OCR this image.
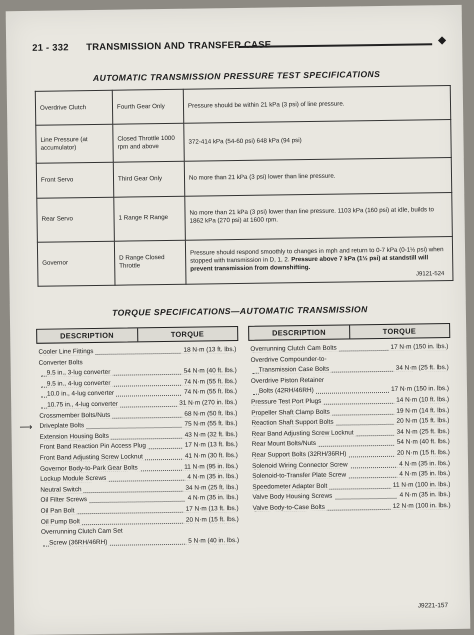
21 - 332 TRANSMISSION AND TRANSFER CASE	◆
AUTOMATIC TRANSMISSION PRESSURE TEST SPECIFICATIONS
Overdrive Clutch	Fourth Gear Only	Pressure should be within 21 kPa (3 psi) of line pressure.
Line Pressure (at accumulator)	Closed Throttle 1000 rpm and above	372-414 kPa (54-60 psi) 648 kPa (94 psi)
Front Servo	Third Gear Only	No more than 21 kPa (3 psi) lower than line pressure.
Rear Servo	1 Range R Range	No more than 21 kPa (3 psi) lower than line pressure. 1103 kPa (160 psi) at idle, builds to 1862 kPa (270 psi) at 1600 rpm.
Governor	D Range Closed Throttle	Pressure should respond smoothly to changes in mph and return to 0-7 kPa (0-1½ psi) when stopped with transmission in D, 1, 2. Pressure above 7 kPa (1½ psi) at standstill will prevent transmission from downshifting.
J9121-524
TORQUE SPECIFICATIONS—AUTOMATIC TRANSMISSION
DESCRIPTION	TORQUE
Cooler Line Fittings	18 N·m (13 ft. lbs.)
Converter Bolts
9.5 in., 3-lug converter	54 N·m (40 ft. lbs.)
9.5 in., 4-lug converter	74 N·m (55 ft. lbs.)
10.0 in., 4-lug converter	74 N·m (55 ft. lbs.)
10.75 in., 4-lug converter	31 N·m (270 in. lbs.)
Crossmember Bolts/Nuts	68 N·m (50 ft. lbs.)
Driveplate Bolts	75 N·m (55 ft. lbs.)
⟶
Extension Housing Bolts	43 N·m (32 ft. lbs.)
Front Band Reaction Pin Access Plug	17 N·m (13 ft. lbs.)
Front Band Adjusting Screw Locknut	41 N·m (30 ft. lbs.)
Governor Body-to-Park Gear Bolts	11 N·m (95 in. lbs.)
Lockup Module Screws	4 N·m (35 in. lbs.)
Neutral Switch	34 N·m (25 ft. lbs.)
Oil Filter Screws	4 N·m (35 in. lbs.)
Oil Pan Bolt	17 N·m (13 ft. lbs.)
Oil Pump Bolt	20 N·m (15 ft. lbs.)
Overrunning Clutch Cam Set
Screw (36RH/46RH)	5 N·m (40 in. lbs.)
DESCRIPTION	TORQUE
Overrunning Clutch Cam Bolts	17 N·m (150 in. lbs.)
Overdrive Compounder-to-
Transmission Case Bolts	34 N·m (25 ft. lbs.)
Overdrive Piston Retainer
Bolts (42RH/46RH)	17 N·m (150 in. lbs.)
Pressure Test Port Plugs	14 N·m (10 ft. lbs.)
Propeller Shaft Clamp Bolts	19 N·m (14 ft. lbs.)
Reaction Shaft Support Bolts	20 N·m (15 ft. lbs.)
Rear Band Adjusting Screw Locknut	34 N·m (25 ft. lbs.)
Rear Mount Bolts/Nuts	54 N·m (40 ft. lbs.)
Rear Support Bolts (32RH/36RH)	20 N·m (15 ft. lbs.)
Solenoid Wiring Connector Screw	4 N·m (35 in. lbs.)
Solenoid-to-Transfer Plate Screw	4 N·m (35 in. lbs.)
Speedometer Adapter Bolt	11 N·m (100 in. lbs.)
Valve Body Housing Screws	4 N·m (35 in. lbs.)
Valve Body-to-Case Bolts	12 N·m (100 in. lbs.)
J9221-157
